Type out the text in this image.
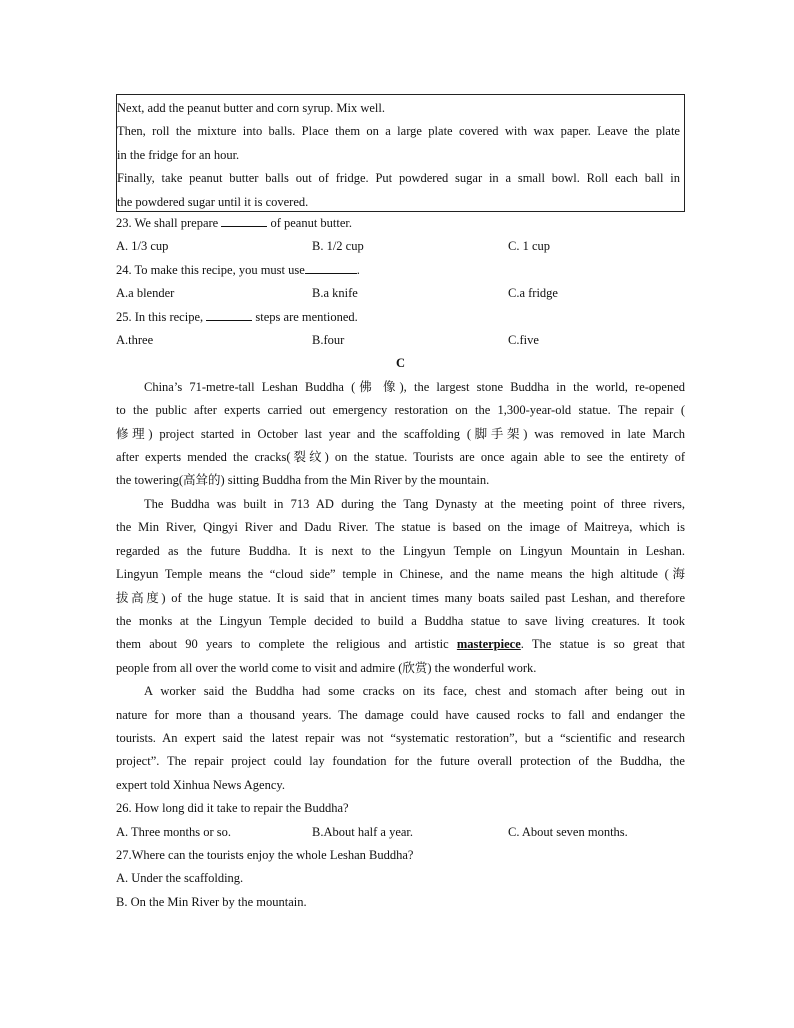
Next, add the peanut butter and corn syrup. Mix well.
Then, roll the mixture into balls. Place them on a large plate covered with wax paper. Leave the plate
in the fridge for an hour.
Finally, take peanut butter balls out of fridge. Put powdered sugar in a small bowl. Roll each ball in
the powdered sugar until it is covered.
23. We shall prepare	of peanut butter.
A. 1/3 cup	B. 1/2 cup	C. 1 cup
24. To make this recipe, you must use	.
A.a blender	B.a knife	C.a fridge
25. In this recipe,	steps are mentioned.
A.three	B.four	C.five
C
China’s 71-metre-tall Leshan Buddha (佛 像), the largest stone Buddha in the world, re-opened
to the public after experts carried out emergency restoration on the 1,300-year-old statue. The repair (
修理) project started in October last year and the scaffolding (脚手架) was removed in late March
after experts mended the cracks(裂纹) on the statue. Tourists are once again able to see the entirety of
the towering(高耸的) sitting Buddha from the Min River by the mountain.
The Buddha was built in 713 AD during the Tang Dynasty at the meeting point of three rivers,
the Min River, Qingyi River and Dadu River. The statue is based on the image of Maitreya, which is
regarded as the future Buddha. It is next to the Lingyun Temple on Lingyun Mountain in Leshan.
Lingyun Temple means the “cloud side” temple in Chinese, and the name means the high altitude (海
拔高度) of the huge statue. It is said that in ancient times many boats sailed past Leshan, and therefore
the monks at the Lingyun Temple decided to build a Buddha statue to save living creatures. It took
them about 90 years to complete the religious and artistic masterpiece. The statue is so great that
people from all over the world come to visit and admire (欣赏) the wonderful work.
A worker said the Buddha had some cracks on its face, chest and stomach after being out in
nature for more than a thousand years. The damage could have caused rocks to fall and endanger the
tourists. An expert said the latest repair was not “systematic restoration”, but a “scientific and research
project”. The repair project could lay foundation for the future overall protection of the Buddha, the
expert told Xinhua News Agency.
26. How long did it take to repair the Buddha?
A. Three months or so.	B.About half a year.	C. About seven months.
27.Where can the tourists enjoy the whole Leshan Buddha?
A. Under the scaffolding.
B. On the Min River by the mountain.
